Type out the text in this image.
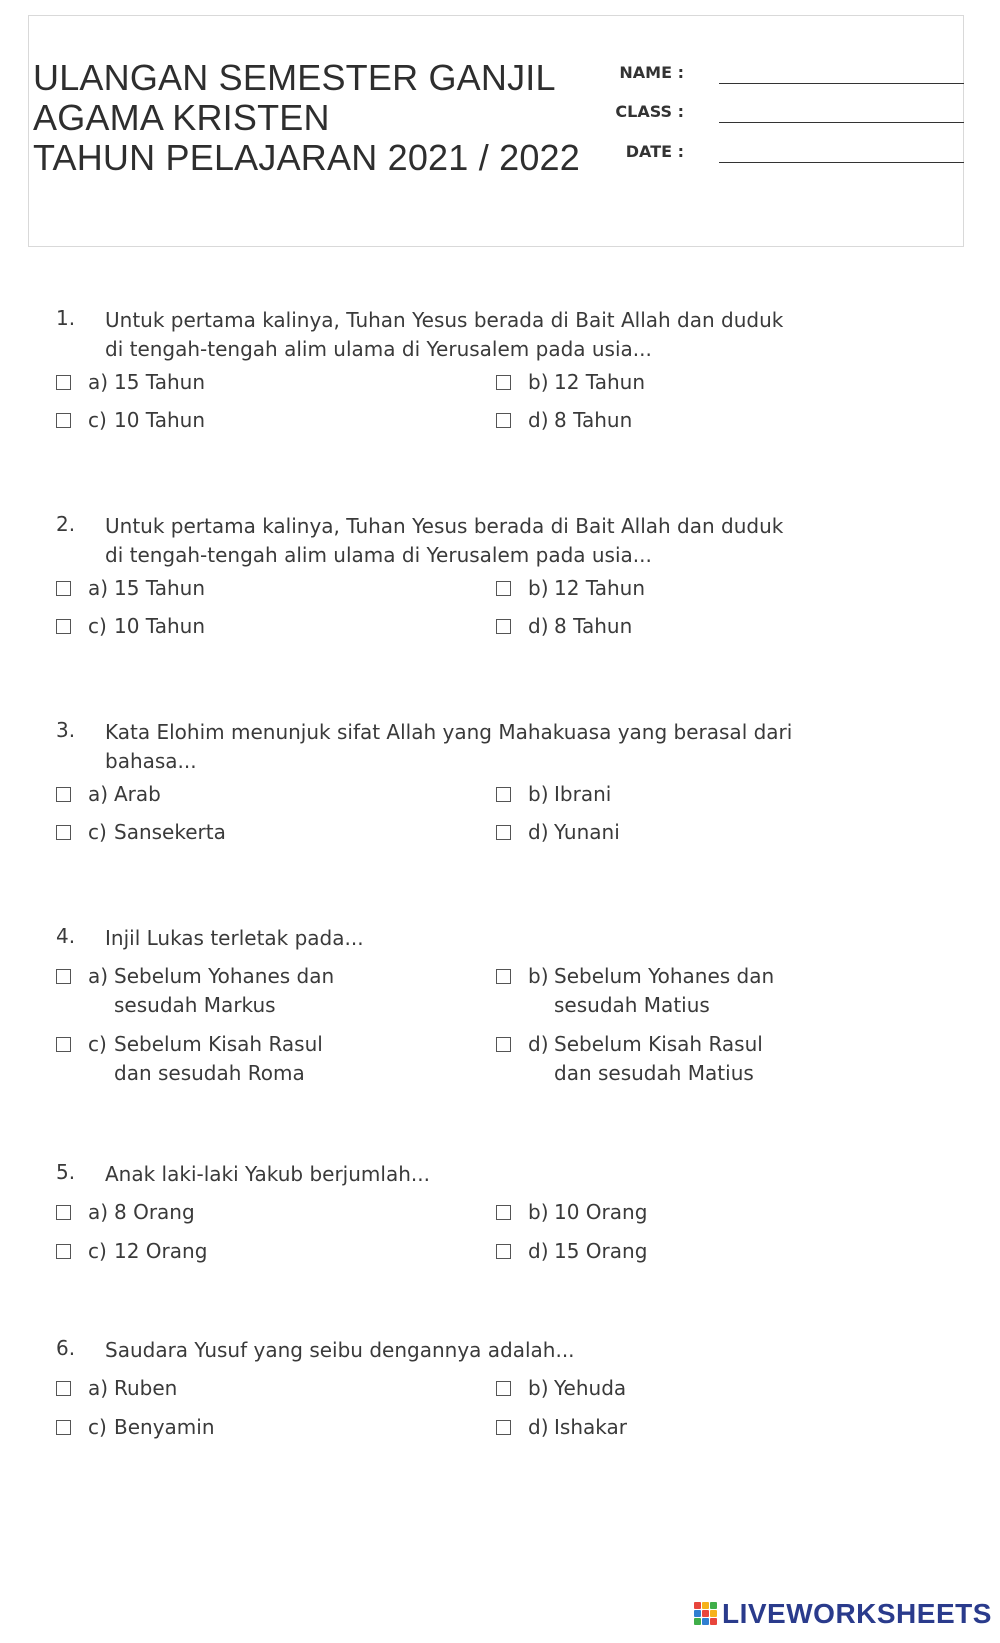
ULANGAN SEMESTER GANJIL
AGAMA KRISTEN
TAHUN PELAJARAN 2021 / 2022
NAME :
CLASS :
DATE :
1. Untuk pertama kalinya, Tuhan Yesus berada di Bait Allah dan duduk
di tengah-tengah alim ulama di Yerusalem pada usia...
a) 15 Tahun	b) 12 Tahun
c) 10 Tahun	d) 8 Tahun
2. Untuk pertama kalinya, Tuhan Yesus berada di Bait Allah dan duduk
di tengah-tengah alim ulama di Yerusalem pada usia...
a) 15 Tahun	b) 12 Tahun
c) 10 Tahun	d) 8 Tahun
3. Kata Elohim menunjuk sifat Allah yang Mahakuasa yang berasal dari
bahasa...
a) Arab	b) Ibrani
c) Sansekerta	d) Yunani
4. Injil Lukas terletak pada...
a) Sebelum Yohanes dan
sesudah Markus
b) Sebelum Yohanes dan
sesudah Matius
c) Sebelum Kisah Rasul
dan sesudah Roma
d) Sebelum Kisah Rasul
dan sesudah Matius
5. Anak laki-laki Yakub berjumlah...
a) 8 Orang	b) 10 Orang
c) 12 Orang	d) 15 Orang
6. Saudara Yusuf yang seibu dengannya adalah...
a) Ruben	b) Yehuda
c) Benyamin	d) Ishakar
LIVEWORKSHEETS
